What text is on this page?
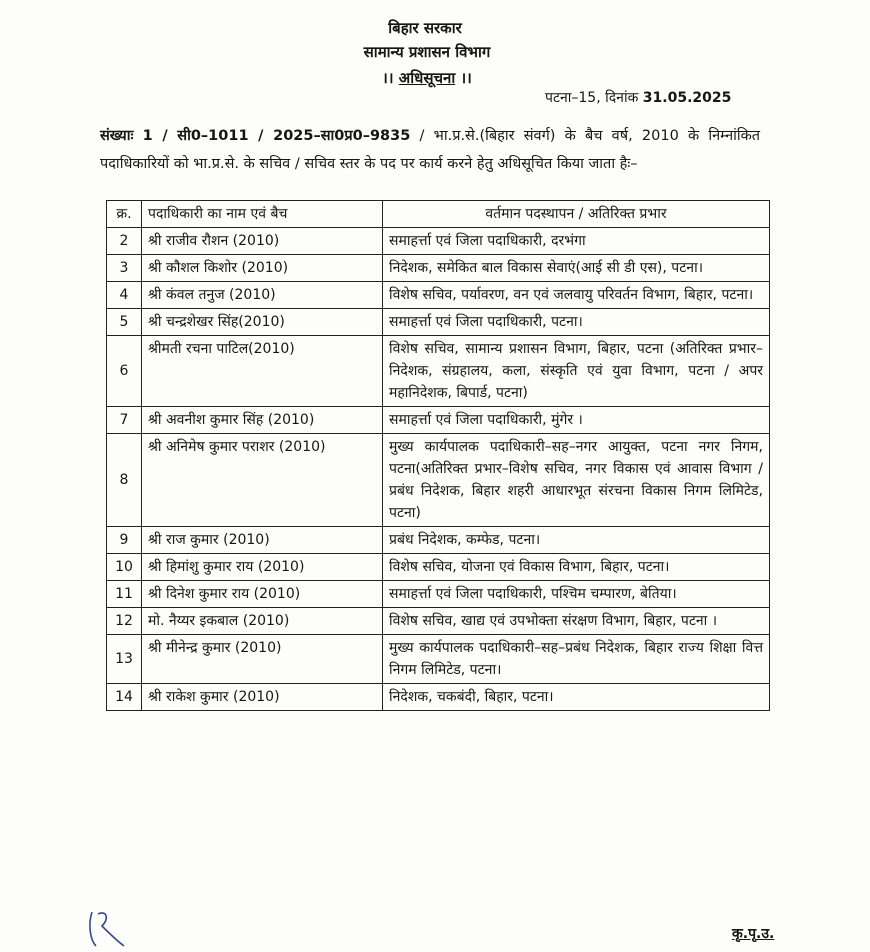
बिहार सरकार
सामान्य प्रशासन विभाग
।। अधिसूचना ।।
पटना–15, दिनांक 31.05.2025
संख्याः 1 / सी0–1011 / 2025–सा0प्र0–9835 / भा.प्र.से.(बिहार संवर्ग) के बैच वर्ष, 2010 के निम्नांकित पदाधिकारियों को भा.प्र.से. के सचिव / सचिव स्तर के पद पर कार्य करने हेतु अधिसूचित किया जाता हैः–
क्र.	पदाधिकारी का नाम एवं बैच	वर्तमान पदस्थापन / अतिरिक्त प्रभार
2	श्री राजीव रौशन (2010)	समाहर्त्ता एवं जिला पदाधिकारी, दरभंगा
3	श्री कौशल किशोर (2010)	निदेशक, समेकित बाल विकास सेवाएं(आई सी डी एस), पटना।
4	श्री कंवल तनुज (2010)	विशेष सचिव, पर्यावरण, वन एवं जलवायु परिवर्तन विभाग, बिहार, पटना।
5	श्री चन्द्रशेखर सिंह(2010)	समाहर्त्ता एवं जिला पदाधिकारी, पटना।
6	श्रीमती रचना पाटिल(2010)	विशेष सचिव, सामान्य प्रशासन विभाग, बिहार, पटना (अतिरिक्त प्रभार–निदेशक, संग्रहालय, कला, संस्कृति एवं युवा विभाग, पटना / अपर महानिदेशक, बिपार्ड, पटना)
7	श्री अवनीश कुमार सिंह (2010)	समाहर्त्ता एवं जिला पदाधिकारी, मुंगेर ।
8	श्री अनिमेष कुमार पराशर (2010)	मुख्य कार्यपालक पदाधिकारी–सह–नगर आयुक्त, पटना नगर निगम, पटना(अतिरिक्त प्रभार–विशेष सचिव, नगर विकास एवं आवास विभाग / प्रबंध निदेशक, बिहार शहरी आधारभूत संरचना विकास निगम लिमिटेड, पटना)
9	श्री राज कुमार (2010)	प्रबंध निदेशक, कम्फेड, पटना।
10	श्री हिमांशु कुमार राय (2010)	विशेष सचिव, योजना एवं विकास विभाग, बिहार, पटना।
11	श्री दिनेश कुमार राय (2010)	समाहर्त्ता एवं जिला पदाधिकारी, पश्चिम चम्पारण, बेतिया।
12	मो. नैय्यर इकबाल (2010)	विशेष सचिव, खाद्य एवं उपभोक्ता संरक्षण विभाग, बिहार, पटना ।
13	श्री मीनेन्द्र कुमार (2010)	मुख्य कार्यपालक पदाधिकारी–सह–प्रबंध निदेशक, बिहार राज्य शिक्षा वित्त निगम लिमिटेड, पटना।
14	श्री राकेश कुमार (2010)	निदेशक, चकबंदी, बिहार, पटना।
कृ.पृ.उ.
